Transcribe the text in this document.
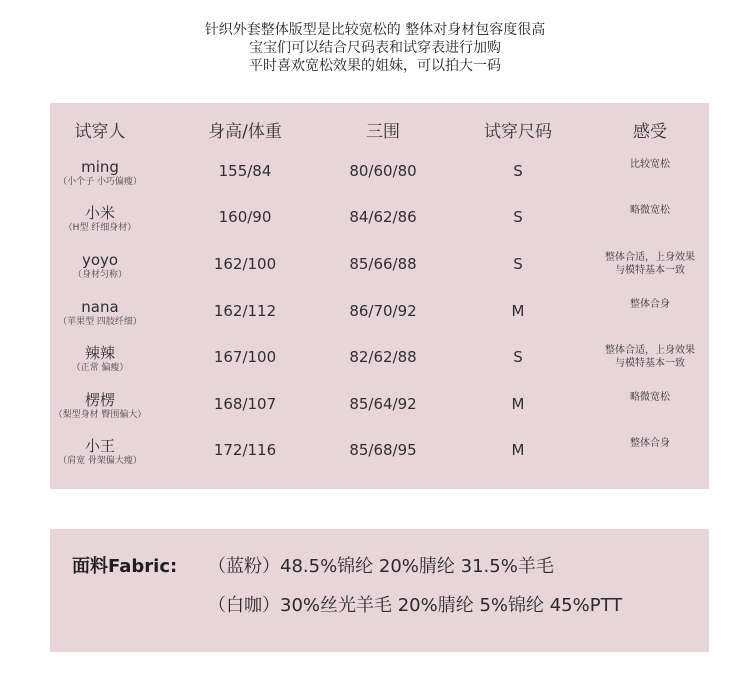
针织外套整体版型是比较宽松的 整体对身材包容度很高
宝宝们可以结合尺码表和试穿表进行加购
平时喜欢宽松效果的姐妹，可以拍大一码
试穿人	身高/体重	三围	试穿尺码	感受
ming
（小个子 小巧偏瘦）
155/84	80/60/80	S	比较宽松
小米
（H型 纤细身材）
160/90	84/62/86	S	略微宽松
yoyo
（身材匀称）
162/100	85/66/88	S	整体合适，上身效果
与模特基本一致
nana
（苹果型 四肢纤细）
162/112	86/70/92	M	整体合身
辣辣
（正常 偏瘦）
167/100	82/62/88	S	整体合适，上身效果
与模特基本一致
楞楞
（梨型身材 臀围偏大）
168/107	85/64/92	M	略微宽松
小王
（肩宽 骨架偏大瘦）
172/116	85/68/95	M	整体合身
面料Fabric: （蓝粉）48.5%锦纶 20%腈纶 31.5%羊毛
（白咖）30%丝光羊毛 20%腈纶 5%锦纶 45%PTT
